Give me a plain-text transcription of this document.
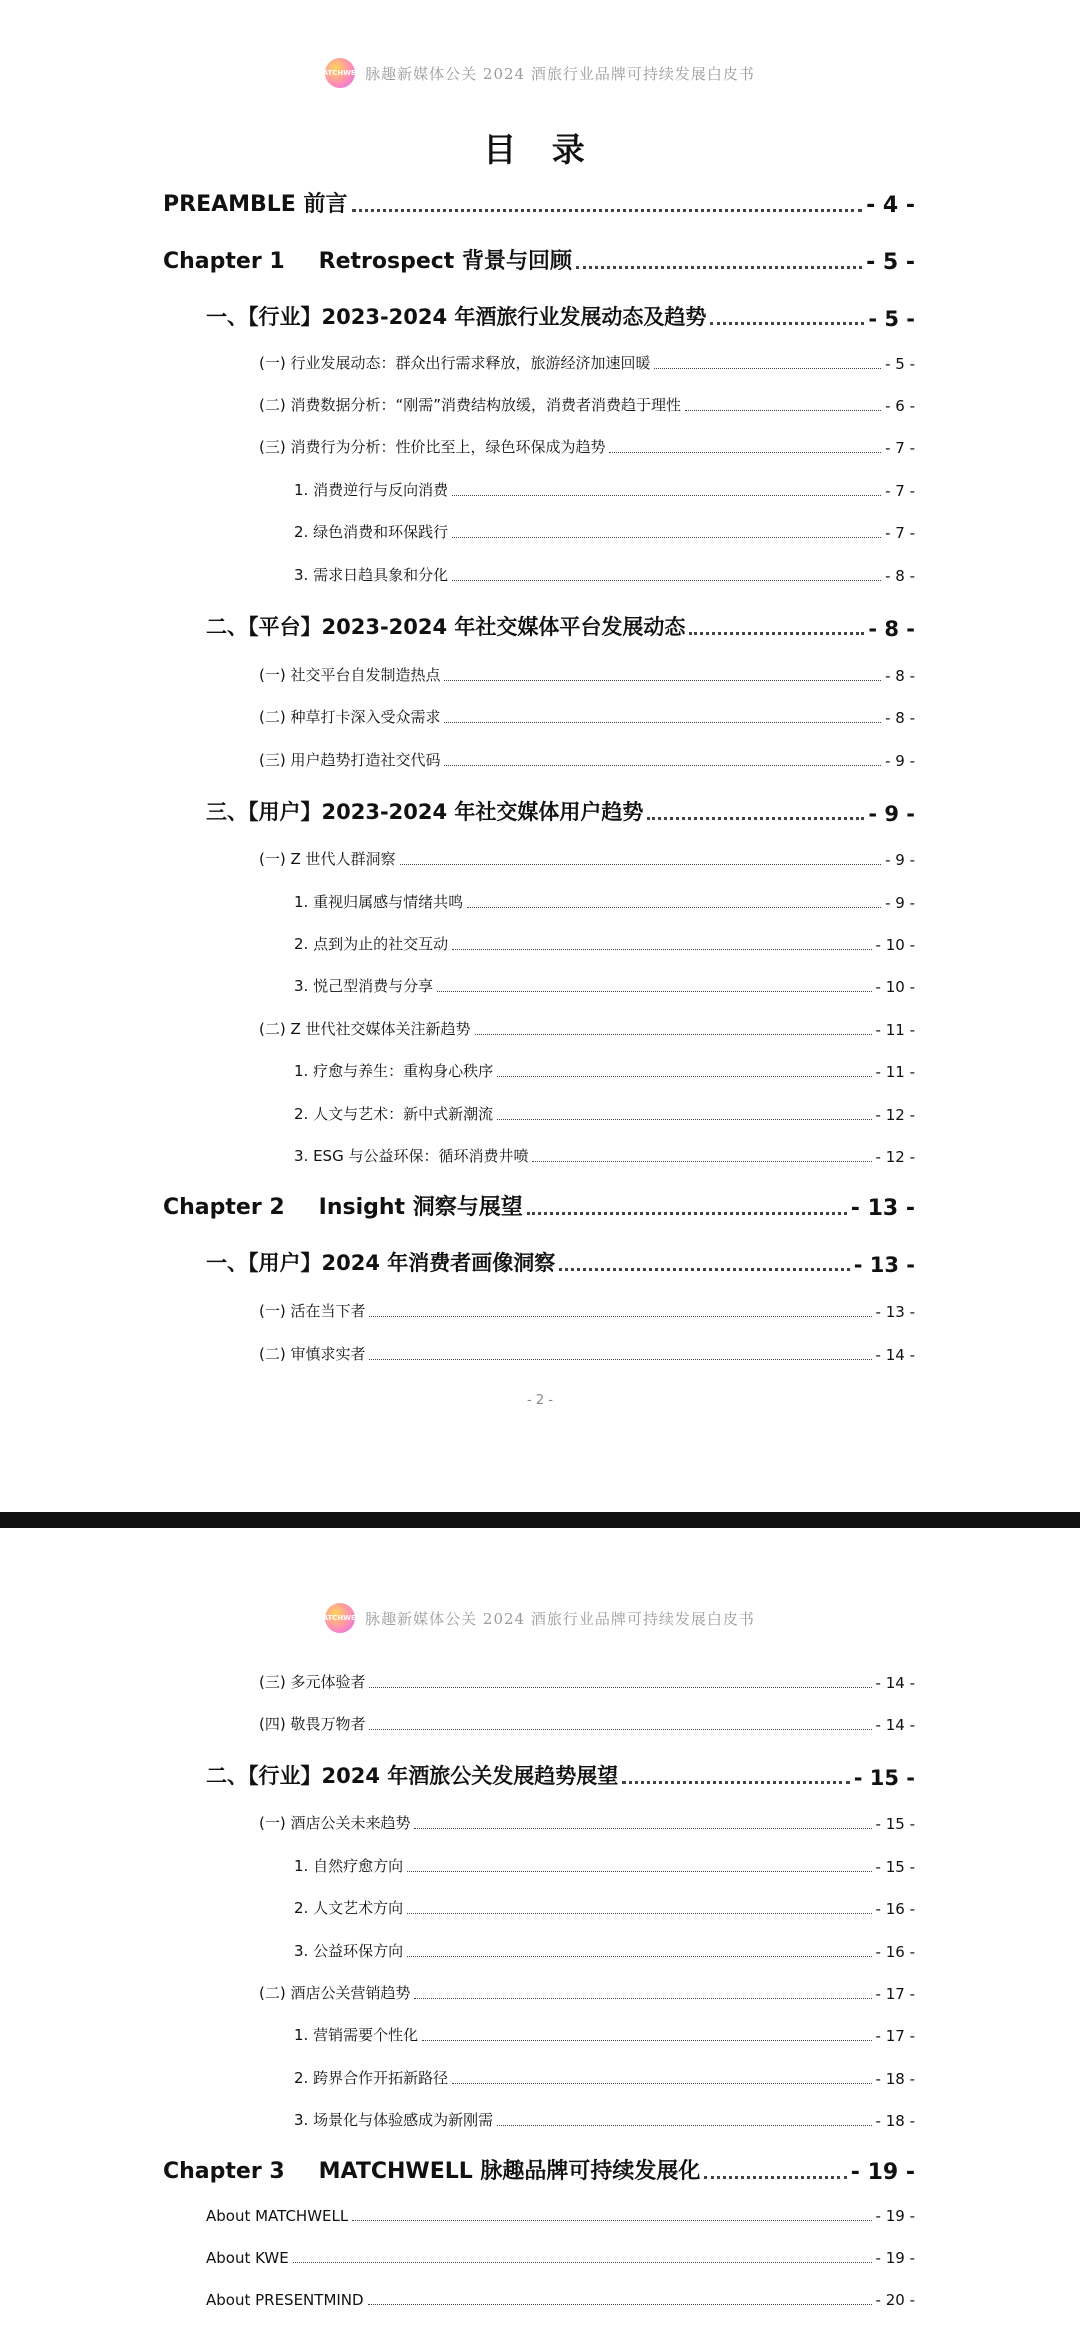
MATCHWELL 脉趣新媒体公关 2024 酒旅行业品牌可持续发展白皮书
目 录
PREAMBLE 前言	- 4 -
Chapter 1 Retrospect 背景与回顾	- 5 -
一、【行业】2023-2024 年酒旅行业发展动态及趋势	- 5 -
(一) 行业发展动态：群众出行需求释放，旅游经济加速回暖	- 5 -
(二) 消费数据分析：“刚需”消费结构放缓，消费者消费趋于理性	- 6 -
(三) 消费行为分析：性价比至上，绿色环保成为趋势	- 7 -
1. 消费逆行与反向消费	- 7 -
2. 绿色消费和环保践行	- 7 -
3. 需求日趋具象和分化	- 8 -
二、【平台】2023-2024 年社交媒体平台发展动态	- 8 -
(一) 社交平台自发制造热点	- 8 -
(二) 种草打卡深入受众需求	- 8 -
(三) 用户趋势打造社交代码	- 9 -
三、【用户】2023-2024 年社交媒体用户趋势	- 9 -
(一) Z 世代人群洞察	- 9 -
1. 重视归属感与情绪共鸣	- 9 -
2. 点到为止的社交互动	- 10 -
3. 悦己型消费与分享	- 10 -
(二) Z 世代社交媒体关注新趋势	- 11 -
1. 疗愈与养生：重构身心秩序	- 11 -
2. 人文与艺术：新中式新潮流	- 12 -
3. ESG 与公益环保：循环消费井喷	- 12 -
Chapter 2 Insight 洞察与展望	- 13 -
一、【用户】2024 年消费者画像洞察	- 13 -
(一) 活在当下者	- 13 -
(二) 审慎求实者	- 14 -
- 2 -
MATCHWELL 脉趣新媒体公关 2024 酒旅行业品牌可持续发展白皮书
(三) 多元体验者	- 14 -
(四) 敬畏万物者	- 14 -
二、【行业】2024 年酒旅公关发展趋势展望	- 15 -
(一) 酒店公关未来趋势	- 15 -
1. 自然疗愈方向	- 15 -
2. 人文艺术方向	- 16 -
3. 公益环保方向	- 16 -
(二) 酒店公关营销趋势	- 17 -
1. 营销需要个性化	- 17 -
2. 跨界合作开拓新路径	- 18 -
3. 场景化与体验感成为新刚需	- 18 -
Chapter 3 MATCHWELL 脉趣品牌可持续发展化	- 19 -
About MATCHWELL	- 19 -
About KWE	- 19 -
About PRESENTMIND	- 20 -
